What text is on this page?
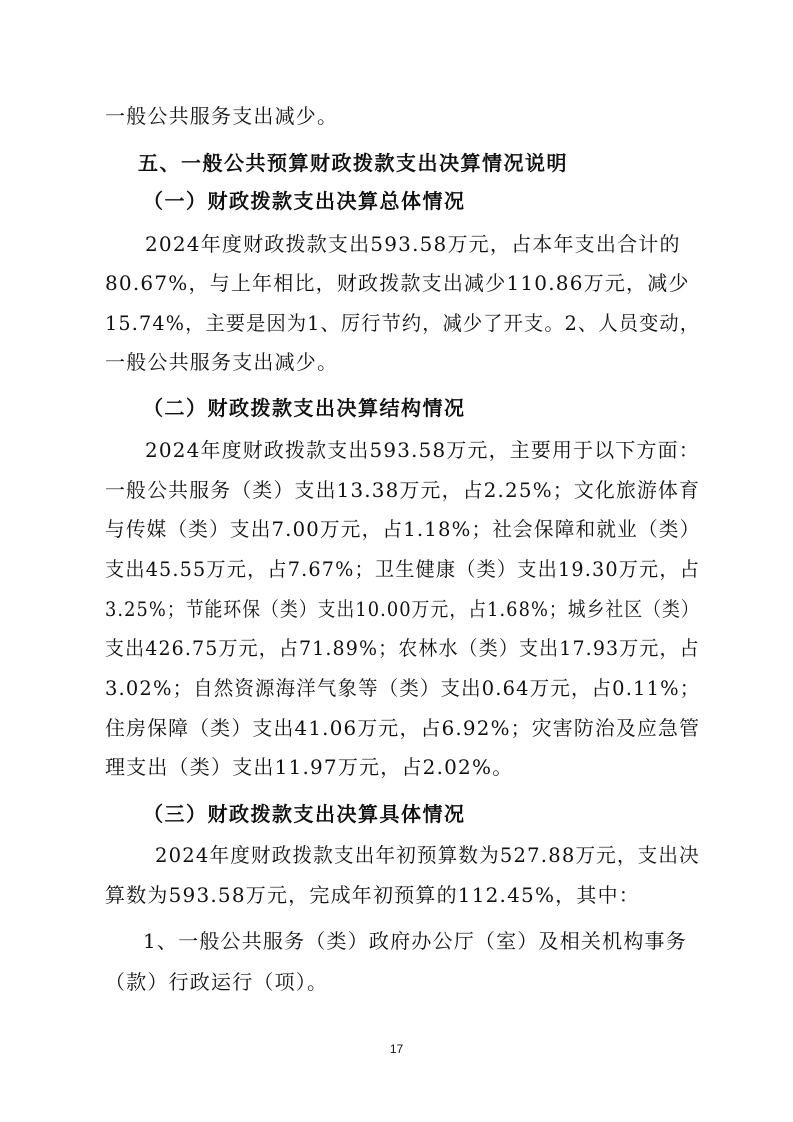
一般公共服务支出减少。
五、一般公共预算财政拨款支出决算情况说明
（一）财政拨款支出决算总体情况
2024年度财政拨款支出593.58万元，占本年支出合计的
80.67%，与上年相比，财政拨款支出减少110.86万元，减少
15.74%，主要是因为1、厉行节约，减少了开支。2、人员变动，
一般公共服务支出减少。
（二）财政拨款支出决算结构情况
2024年度财政拨款支出593.58万元，主要用于以下方面：
一般公共服务（类）支出13.38万元，占2.25%；文化旅游体育
与传媒（类）支出7.00万元，占1.18%；社会保障和就业（类）
支出45.55万元，占7.67%；卫生健康（类）支出19.30万元，占
3.25%；节能环保（类）支出10.00万元，占1.68%；城乡社区（类）
支出426.75万元，占71.89%；农林水（类）支出17.93万元，占
3.02%；自然资源海洋气象等（类）支出0.64万元，占0.11%；
住房保障（类）支出41.06万元，占6.92%；灾害防治及应急管
理支出（类）支出11.97万元，占2.02%。
（三）财政拨款支出决算具体情况
2024年度财政拨款支出年初预算数为527.88万元，支出决
算数为593.58万元，完成年初预算的112.45%，其中：
1、一般公共服务（类）政府办公厅（室）及相关机构事务
（款）行政运行（项）。
17
